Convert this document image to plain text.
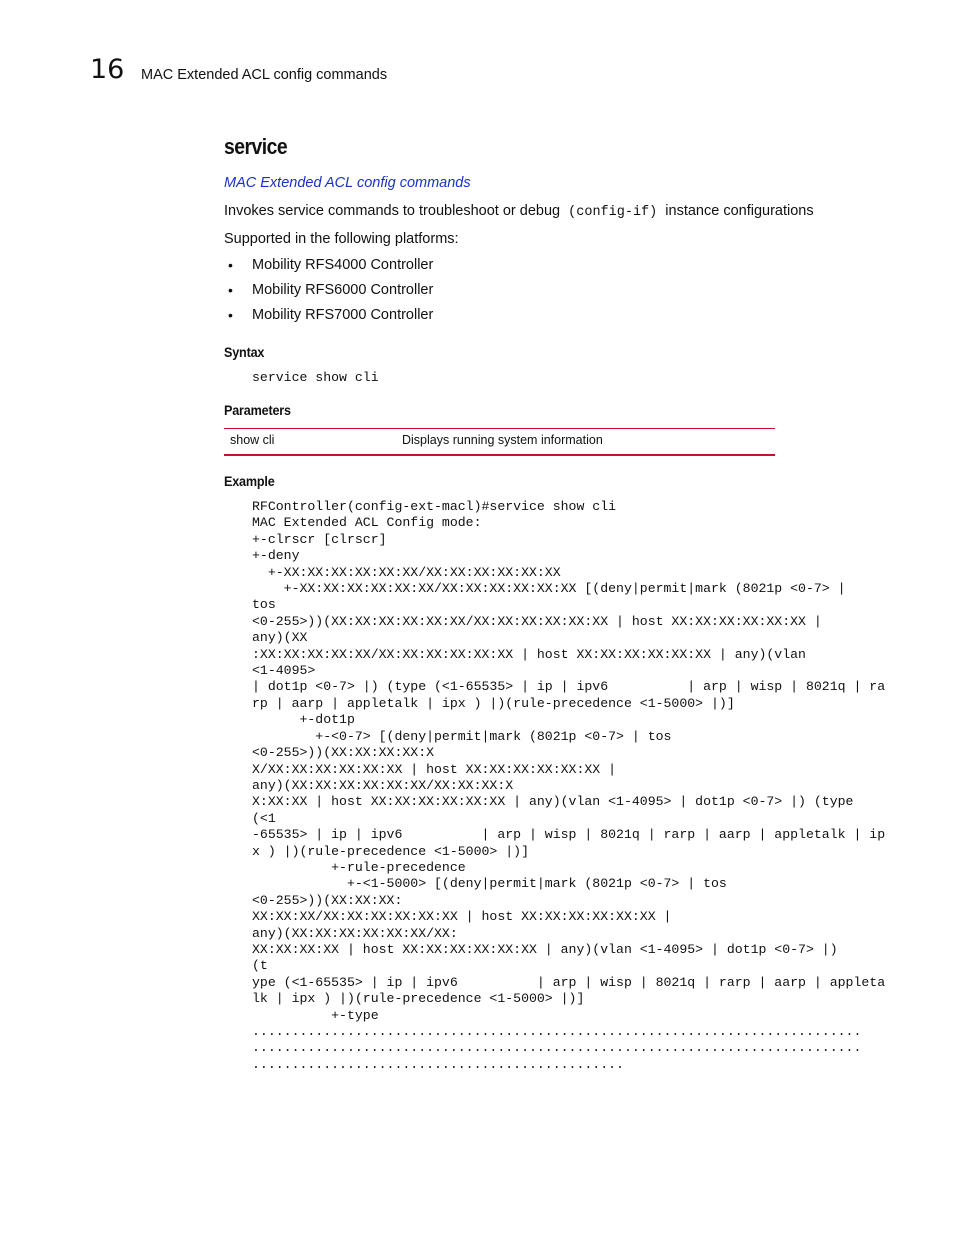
16 MAC Extended ACL config commands
service
MAC Extended ACL config commands
Invokes service commands to troubleshoot or debug (config-if) instance configurations
Supported in the following platforms:
• Mobility RFS4000 Controller
• Mobility RFS6000 Controller
• Mobility RFS7000 Controller
Syntax
service show cli
Parameters
show cli	Displays running system information
Example
RFController(config-ext-macl)#service show cli
MAC Extended ACL Config mode:
+-clrscr [clrscr]
+-deny
+-XX:XX:XX:XX:XX:XX/XX:XX:XX:XX:XX:XX
+-XX:XX:XX:XX:XX:XX/XX:XX:XX:XX:XX:XX [(deny|permit|mark (8021p <0-7> |
tos
<0-255>))(XX:XX:XX:XX:XX:XX/XX:XX:XX:XX:XX:XX | host XX:XX:XX:XX:XX:XX |
any)(XX
:XX:XX:XX:XX:XX/XX:XX:XX:XX:XX:XX | host XX:XX:XX:XX:XX:XX | any)(vlan
<1-4095>
| dot1p <0-7> |) (type (<1-65535> | ip | ipv6          | arp | wisp | 8021q | ra
rp | aarp | appletalk | ipx ) |)(rule-precedence <1-5000> |)]
+-dot1p
+-<0-7> [(deny|permit|mark (8021p <0-7> | tos
<0-255>))(XX:XX:XX:XX:X
X/XX:XX:XX:XX:XX:XX | host XX:XX:XX:XX:XX:XX |
any)(XX:XX:XX:XX:XX:XX/XX:XX:XX:X
X:XX:XX | host XX:XX:XX:XX:XX:XX | any)(vlan <1-4095> | dot1p <0-7> |) (type
(<1
-65535> | ip | ipv6          | arp | wisp | 8021q | rarp | aarp | appletalk | ip
x ) |)(rule-precedence <1-5000> |)]
+-rule-precedence
+-<1-5000> [(deny|permit|mark (8021p <0-7> | tos
<0-255>))(XX:XX:XX:
XX:XX:XX/XX:XX:XX:XX:XX:XX | host XX:XX:XX:XX:XX:XX |
any)(XX:XX:XX:XX:XX:XX/XX:
XX:XX:XX:XX | host XX:XX:XX:XX:XX:XX | any)(vlan <1-4095> | dot1p <0-7> |)
(t
ype (<1-65535> | ip | ipv6          | arp | wisp | 8021q | rarp | aarp | appleta
lk | ipx ) |)(rule-precedence <1-5000> |)]
+-type
.............................................................................
.............................................................................
...............................................
